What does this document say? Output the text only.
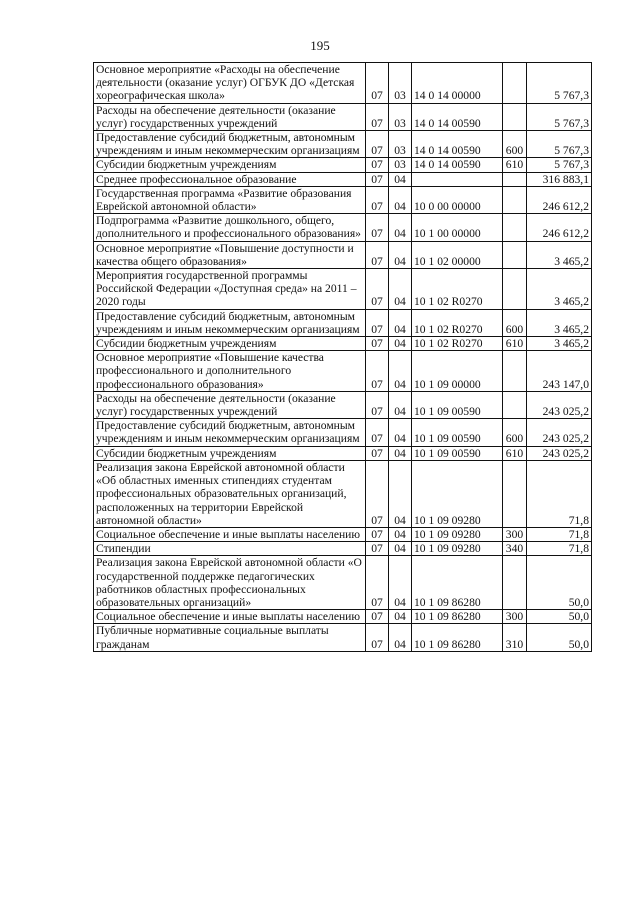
195
Основное мероприятие «Расходы на обеспечение деятельности (оказание услуг) ОГБУК ДО «Детская хореографическая школа»	07	03	14 0 14 00000		5 767,3
Расходы на обеспечение деятельности (оказание услуг) государственных учреждений	07	03	14 0 14 00590		5 767,3
Предоставление субсидий бюджетным, автономным учреждениям и иным некоммерческим организациям	07	03	14 0 14 00590	600	5 767,3
Субсидии бюджетным учреждениям	07	03	14 0 14 00590	610	5 767,3
Среднее профессиональное образование	07	04			316 883,1
Государственная программа «Развитие образования Еврейской автономной области»	07	04	10 0 00 00000		246 612,2
Подпрограмма «Развитие дошкольного, общего, дополнительного и профессионального образования»	07	04	10 1 00 00000		246 612,2
Основное мероприятие «Повышение доступности и качества общего образования»	07	04	10 1 02 00000		3 465,2
Мероприятия государственной программы Российской Федерации «Доступная среда» на 2011 – 2020 годы	07	04	10 1 02 R0270		3 465,2
Предоставление субсидий бюджетным, автономным учреждениям и иным некоммерческим организациям	07	04	10 1 02 R0270	600	3 465,2
Субсидии бюджетным учреждениям	07	04	10 1 02 R0270	610	3 465,2
Основное мероприятие «Повышение качества профессионального и дополнительного профессионального образования»	07	04	10 1 09 00000		243 147,0
Расходы на обеспечение деятельности (оказание услуг) государственных учреждений	07	04	10 1 09 00590		243 025,2
Предоставление субсидий бюджетным, автономным учреждениям и иным некоммерческим организациям	07	04	10 1 09 00590	600	243 025,2
Субсидии бюджетным учреждениям	07	04	10 1 09 00590	610	243 025,2
Реализация закона Еврейской автономной области «Об областных именных стипендиях студентам профессиональных образовательных организаций, расположенных на территории Еврейской автономной области»	07	04	10 1 09 09280		71,8
Социальное обеспечение и иные выплаты населению	07	04	10 1 09 09280	300	71,8
Стипендии	07	04	10 1 09 09280	340	71,8
Реализация закона Еврейской автономной области «О государственной поддержке педагогических работников областных профессиональных образовательных организаций»	07	04	10 1 09 86280		50,0
Социальное обеспечение и иные выплаты населению	07	04	10 1 09 86280	300	50,0
Публичные нормативные социальные выплаты гражданам	07	04	10 1 09 86280	310	50,0
